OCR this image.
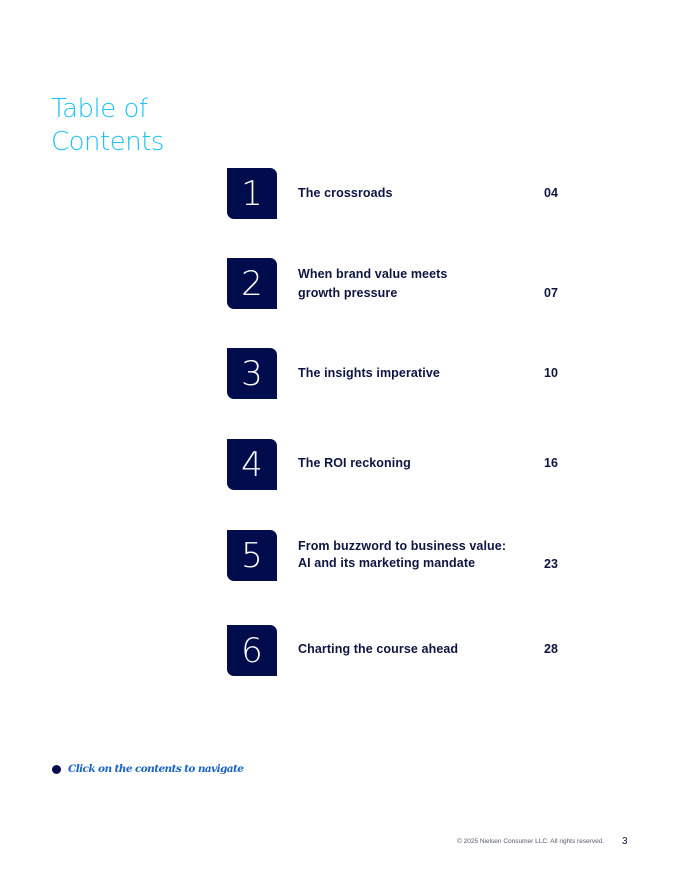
Table of
Contents
1	The crossroads	04
2	When brand value meets
growth pressure	07
3	The insights imperative	10
4	The ROI reckoning	16
5	From buzzword to business value:
AI and its marketing mandate	23
6	Charting the course ahead	28
Click on the contents to navigate
© 2025 Nielsen Consumer LLC. All rights reserved. 3
